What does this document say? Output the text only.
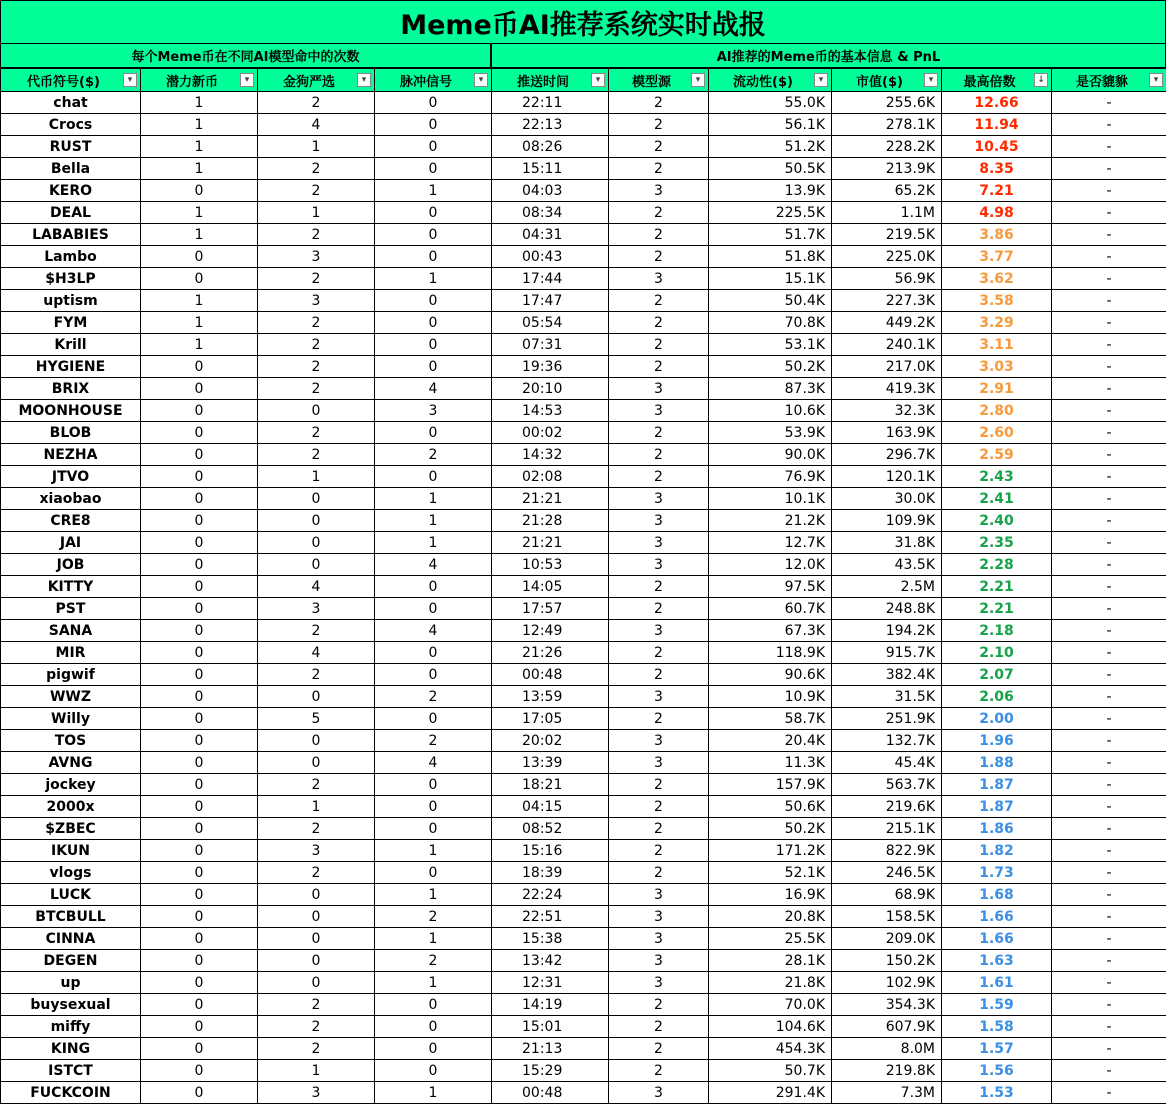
Meme币AI推荐系统实时战报
每个Meme币在不同AI模型命中的次数	AI推荐的Meme币的基本信息 & PnL
代币符号($) ▾	潜力新币 ▾	金狗严选 ▾	脉冲信号 ▾	推送时间 ▾	模型源 ▾	流动性($) ▾	市值($) ▾	最高倍数 ↓	是否貔貅 ▾

chat	1	2	0	22:11	2	55.0K	255.6K	12.66	-
Crocs	1	4	0	22:13	2	56.1K	278.1K	11.94	-
RUST	1	1	0	08:26	2	51.2K	228.2K	10.45	-
Bella	1	2	0	15:11	2	50.5K	213.9K	8.35	-
KERO	0	2	1	04:03	3	13.9K	65.2K	7.21	-
DEAL	1	1	0	08:34	2	225.5K	1.1M	4.98	-
LABABIES	1	2	0	04:31	2	51.7K	219.5K	3.86	-
Lambo	0	3	0	00:43	2	51.8K	225.0K	3.77	-
$H3LP	0	2	1	17:44	3	15.1K	56.9K	3.62	-
uptism	1	3	0	17:47	2	50.4K	227.3K	3.58	-
FYM	1	2	0	05:54	2	70.8K	449.2K	3.29	-
Krill	1	2	0	07:31	2	53.1K	240.1K	3.11	-
HYGIENE	0	2	0	19:36	2	50.2K	217.0K	3.03	-
BRIX	0	2	4	20:10	3	87.3K	419.3K	2.91	-
MOONHOUSE	0	0	3	14:53	3	10.6K	32.3K	2.80	-
BLOB	0	2	0	00:02	2	53.9K	163.9K	2.60	-
NEZHA	0	2	2	14:32	2	90.0K	296.7K	2.59	-
JTVO	0	1	0	02:08	2	76.9K	120.1K	2.43	-
xiaobao	0	0	1	21:21	3	10.1K	30.0K	2.41	-
CRE8	0	0	1	21:28	3	21.2K	109.9K	2.40	-
JAI	0	0	1	21:21	3	12.7K	31.8K	2.35	-
JOB	0	0	4	10:53	3	12.0K	43.5K	2.28	-
KITTY	0	4	0	14:05	2	97.5K	2.5M	2.21	-
PST	0	3	0	17:57	2	60.7K	248.8K	2.21	-
SANA	0	2	4	12:49	3	67.3K	194.2K	2.18	-
MIR	0	4	0	21:26	2	118.9K	915.7K	2.10	-
pigwif	0	2	0	00:48	2	90.6K	382.4K	2.07	-
WWZ	0	0	2	13:59	3	10.9K	31.5K	2.06	-
Willy	0	5	0	17:05	2	58.7K	251.9K	2.00	-
TOS	0	0	2	20:02	3	20.4K	132.7K	1.96	-
AVNG	0	0	4	13:39	3	11.3K	45.4K	1.88	-
jockey	0	2	0	18:21	2	157.9K	563.7K	1.87	-
2000x	0	1	0	04:15	2	50.6K	219.6K	1.87	-
$ZBEC	0	2	0	08:52	2	50.2K	215.1K	1.86	-
IKUN	0	3	1	15:16	2	171.2K	822.9K	1.82	-
vlogs	0	2	0	18:39	2	52.1K	246.5K	1.73	-
LUCK	0	0	1	22:24	3	16.9K	68.9K	1.68	-
BTCBULL	0	0	2	22:51	3	20.8K	158.5K	1.66	-
CINNA	0	0	1	15:38	3	25.5K	209.0K	1.66	-
DEGEN	0	0	2	13:42	3	28.1K	150.2K	1.63	-
up	0	0	1	12:31	3	21.8K	102.9K	1.61	-
buysexual	0	2	0	14:19	2	70.0K	354.3K	1.59	-
miffy	0	2	0	15:01	2	104.6K	607.9K	1.58	-
KING	0	2	0	21:13	2	454.3K	8.0M	1.57	-
ISTCT	0	1	0	15:29	2	50.7K	219.8K	1.56	-
FUCKCOIN	0	3	1	00:48	3	291.4K	7.3M	1.53	-
